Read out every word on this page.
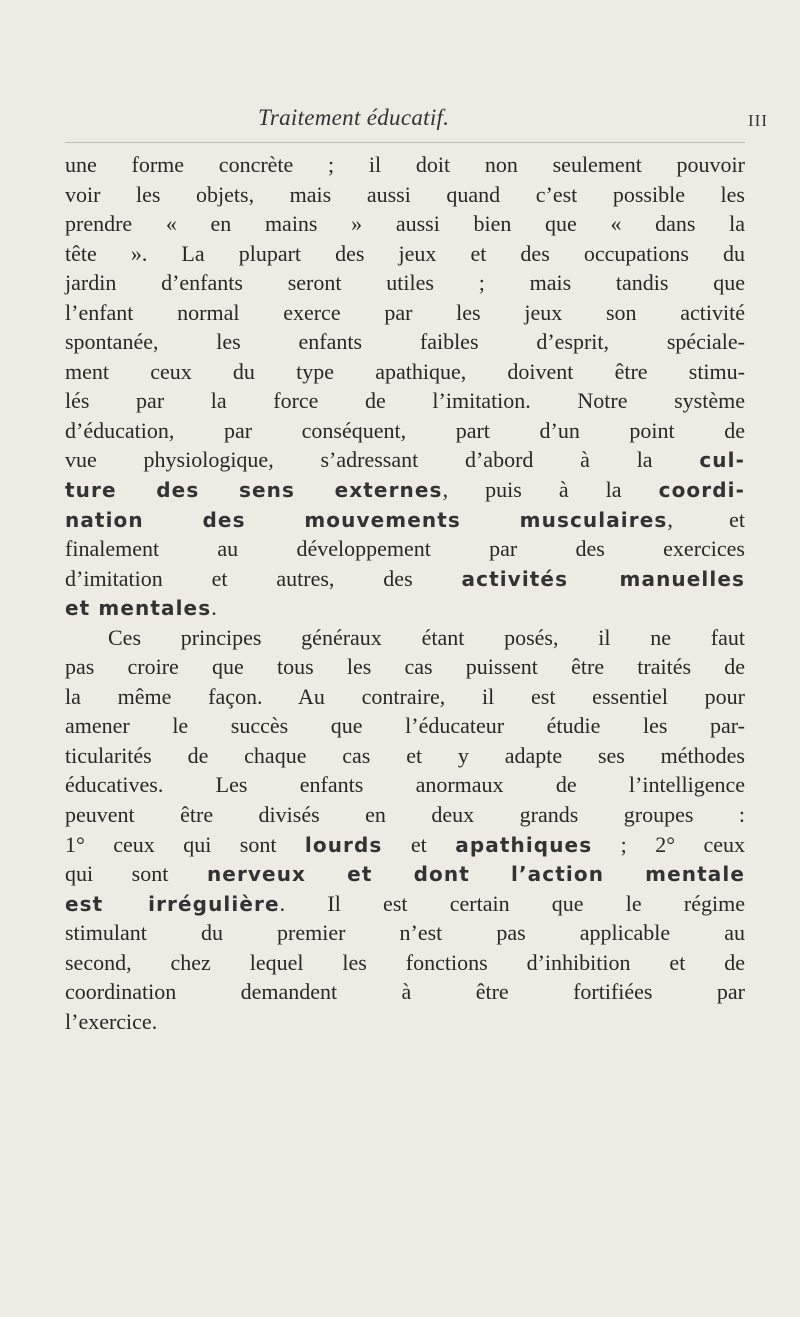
Traitement éducatif.	III
une forme concrète ; il doit non seulement pouvoir
voir les objets, mais aussi quand c’est possible les
prendre « en mains » aussi bien que « dans la
tête ». La plupart des jeux et des occupations du
jardin d’enfants seront utiles ; mais tandis que
l’enfant normal exerce par les jeux son activité
spontanée, les enfants faibles d’esprit, spéciale-
ment ceux du type apathique, doivent être stimu-
lés par la force de l’imitation. Notre système
d’éducation, par conséquent, part d’un point de
vue physiologique, s’adressant d’abord à la cul-
ture des sens externes, puis à la coordi-
nation des mouvements musculaires, et
finalement au développement par des exercices
d’imitation et autres, des activités manuelles
et mentales.
Ces principes généraux étant posés, il ne faut
pas croire que tous les cas puissent être traités de
la même façon. Au contraire, il est essentiel pour
amener le succès que l’éducateur étudie les par-
ticularités de chaque cas et y adapte ses méthodes
éducatives. Les enfants anormaux de l’intelligence
peuvent être divisés en deux grands groupes :
1° ceux qui sont lourds et apathiques ; 2° ceux
qui sont nerveux et dont l’action mentale
est irrégulière. Il est certain que le régime
stimulant du premier n’est pas applicable au
second, chez lequel les fonctions d’inhibition et de
coordination demandent à être fortifiées par
l’exercice.
